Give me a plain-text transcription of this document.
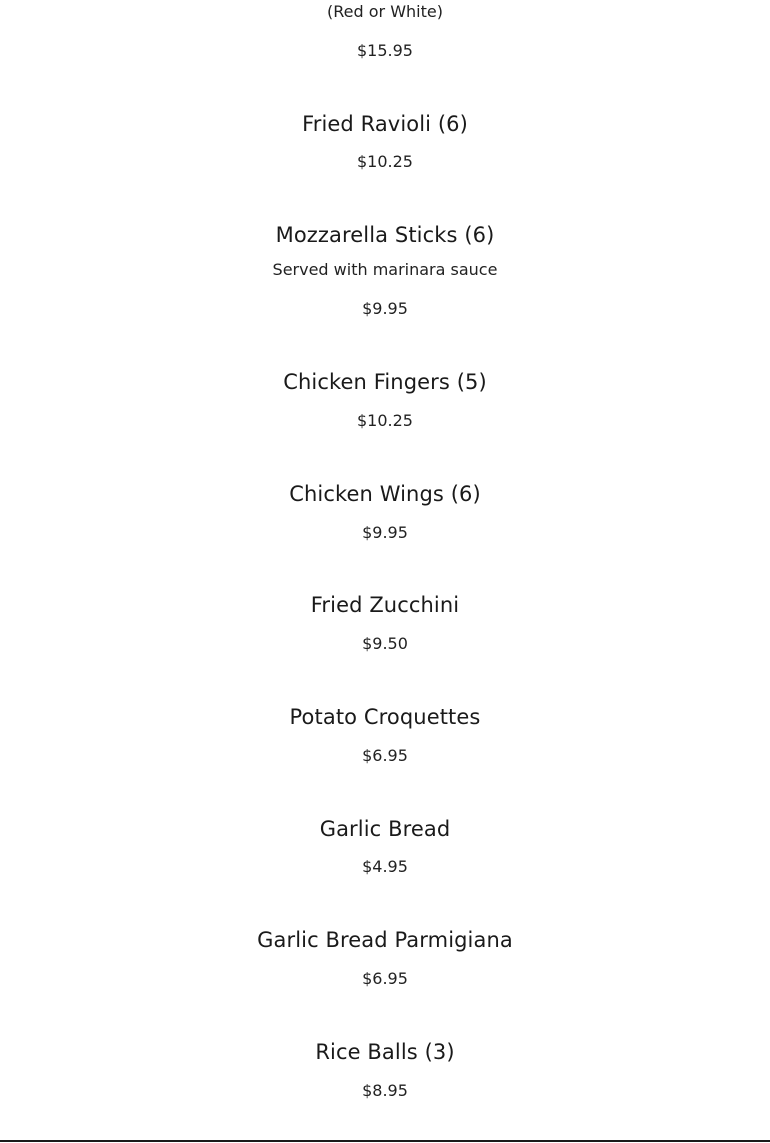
(Red or White)
$15.95
Fried Ravioli (6)
$10.25
Mozzarella Sticks (6)
Served with marinara sauce
$9.95
Chicken Fingers (5)
$10.25
Chicken Wings (6)
$9.95
Fried Zucchini
$9.50
Potato Croquettes
$6.95
Garlic Bread
$4.95
Garlic Bread Parmigiana
$6.95
Rice Balls (3)
$8.95
